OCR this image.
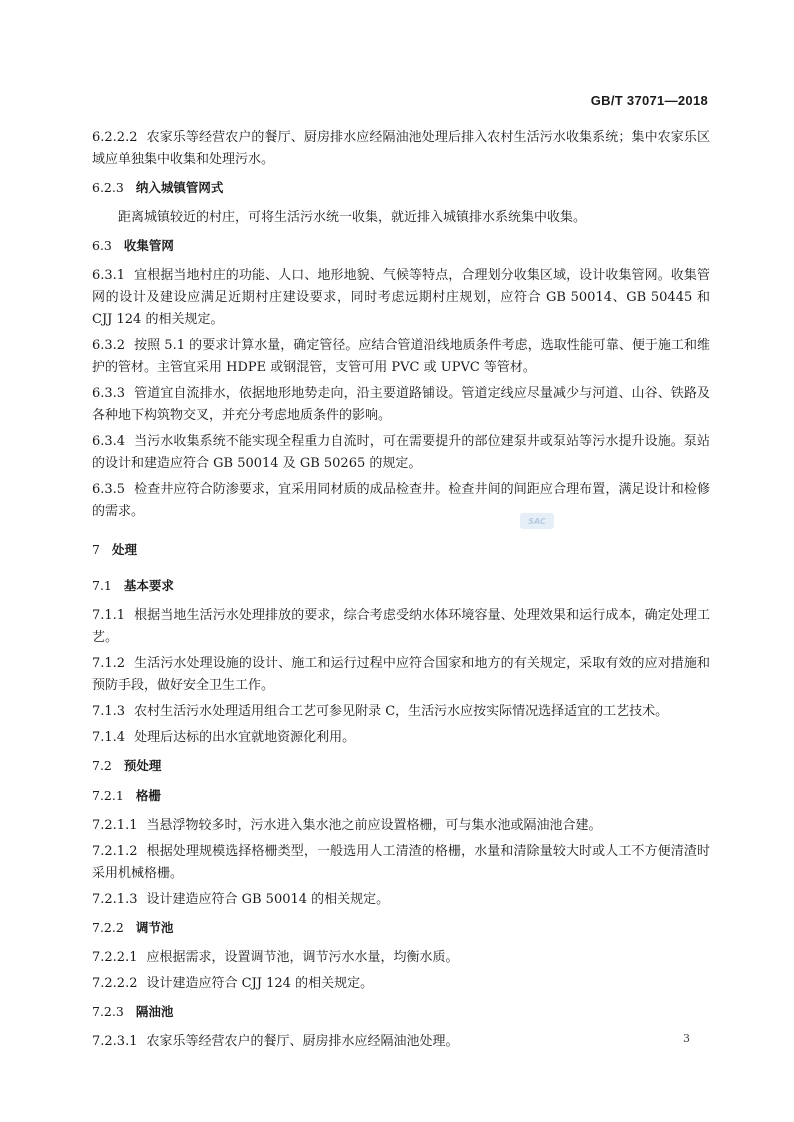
GB/T 37071—2018

6.2.2.2 农家乐等经营农户的餐厅、厨房排水应经隔油池处理后排入农村生活污水收集系统；集中农家乐区域应单独集中收集和处理污水。

6.2.3 纳入城镇管网式

距离城镇较近的村庄，可将生活污水统一收集，就近排入城镇排水系统集中收集。

6.3 收集管网

6.3.1 宜根据当地村庄的功能、人口、地形地貌、气候等特点，合理划分收集区域，设计收集管网。收集管网的设计及建设应满足近期村庄建设要求，同时考虑远期村庄规划，应符合 GB 50014、GB 50445 和 CJJ 124 的相关规定。

6.3.2 按照 5.1 的要求计算水量，确定管径。应结合管道沿线地质条件考虑，选取性能可靠、便于施工和维护的管材。主管宜采用 HDPE 或钢混管，支管可用 PVC 或 UPVC 等管材。

6.3.3 管道宜自流排水，依据地形地势走向，沿主要道路铺设。管道定线应尽量减少与河道、山谷、铁路及各种地下构筑物交叉，并充分考虑地质条件的影响。

6.3.4 当污水收集系统不能实现全程重力自流时，可在需要提升的部位建泵井或泵站等污水提升设施。泵站的设计和建造应符合 GB 50014 及 GB 50265 的规定。

6.3.5 检查井应符合防渗要求，宜采用同材质的成品检查井。检查井间的间距应合理布置，满足设计和检修的需求。

7 处理
7.1 基本要求

7.1.1 根据当地生活污水处理排放的要求，综合考虑受纳水体环境容量、处理效果和运行成本，确定处理工艺。

7.1.2 生活污水处理设施的设计、施工和运行过程中应符合国家和地方的有关规定，采取有效的应对措施和预防手段，做好安全卫生工作。

7.1.3 农村生活污水处理适用组合工艺可参见附录 C，生活污水应按实际情况选择适宜的工艺技术。

7.1.4 处理后达标的出水宜就地资源化利用。

7.2 预处理
7.2.1 格栅

7.2.1.1 当悬浮物较多时，污水进入集水池之前应设置格栅，可与集水池或隔油池合建。

7.2.1.2 根据处理规模选择格栅类型，一般选用人工清渣的格栅，水量和清除量较大时或人工不方便清渣时采用机械格栅。

7.2.1.3 设计建造应符合 GB 50014 的相关规定。

7.2.2 调节池

7.2.2.1 应根据需求，设置调节池，调节污水水量，均衡水质。

7.2.2.2 设计建造应符合 CJJ 124 的相关规定。

7.2.3 隔油池

7.2.3.1 农家乐等经营农户的餐厅、厨房排水应经隔油池处理。

SAC
3
